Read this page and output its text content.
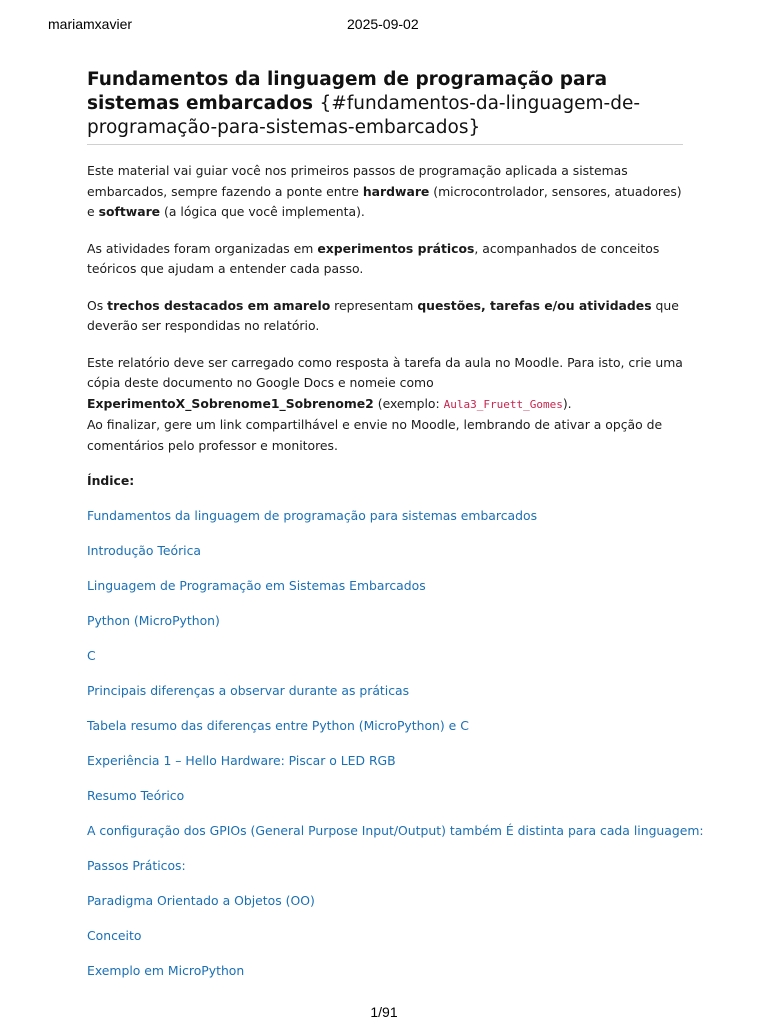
mariamxavier	2025-09-02
Fundamentos da linguagem de programação para sistemas embarcados {#fundamentos-da-linguagem-de-programação-para-sistemas-embarcados}

Este material vai guiar você nos primeiros passos de programação aplicada a sistemas embarcados, sempre fazendo a ponte entre hardware (microcontrolador, sensores, atuadores) e software (a lógica que você implementa).

As atividades foram organizadas em experimentos práticos, acompanhados de conceitos teóricos que ajudam a entender cada passo.

Os trechos destacados em amarelo representam questões, tarefas e/ou atividades que deverão ser respondidas no relatório.

Este relatório deve ser carregado como resposta à tarefa da aula no Moodle. Para isto, crie uma cópia deste documento no Google Docs e nomeie como
ExperimentoX_Sobrenome1_Sobrenome2 (exemplo: Aula3_Fruett_Gomes).
Ao finalizar, gere um link compartilhável e envie no Moodle, lembrando de ativar a opção de comentários pelo professor e monitores.

Índice:

Fundamentos da linguagem de programação para sistemas embarcados
Introdução Teórica
Linguagem de Programação em Sistemas Embarcados
Python (MicroPython)
C
Principais diferenças a observar durante as práticas
Tabela resumo das diferenças entre Python (MicroPython) e C
Experiência 1 – Hello Hardware: Piscar o LED RGB
Resumo Teórico
A configuração dos GPIOs (General Purpose Input/Output) também É distinta para cada linguagem:
Passos Práticos:
Paradigma Orientado a Objetos (OO)
Conceito
Exemplo em MicroPython
1/91
